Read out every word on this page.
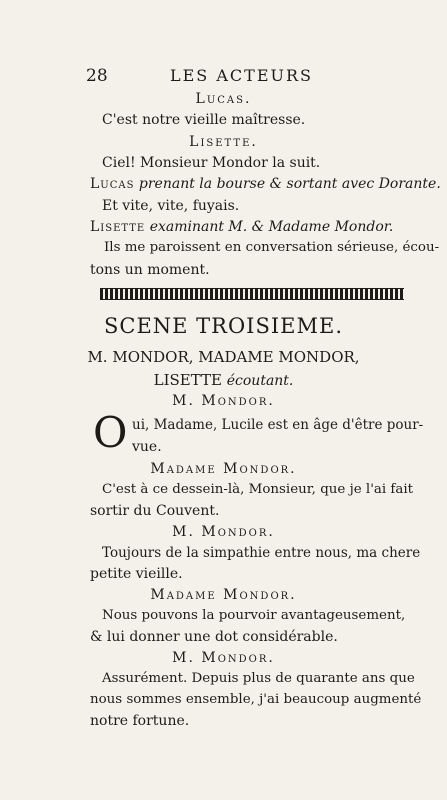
28	LES ACTEURS
Lucas.
C'est notre vieille maîtresse.
Lisette.
Ciel! Monsieur Mondor la suit.
Lucas prenant la bourse & sortant avec Dorante.
Et vite, vite, fuyais.
Lisette examinant M. & Madame Mondor.
Ils me paroissent en conversation sérieuse, écou-
tons un moment.
SCENE TROISIEME.
M. MONDOR, MADAME MONDOR,
LISETTE écoutant.
M. Mondor.
O ui, Madame, Lucile est en âge d'être pour-
vue.
Madame Mondor.
C'est à ce dessein-là, Monsieur, que je l'ai fait
sortir du Couvent.
M. Mondor.
Toujours de la simpathie entre nous, ma chere
petite vieille.
Madame Mondor.
Nous pouvons la pourvoir avantageusement,
& lui donner une dot considérable.
M. Mondor.
Assurément. Depuis plus de quarante ans que
nous sommes ensemble, j'ai beaucoup augmenté
notre fortune.
